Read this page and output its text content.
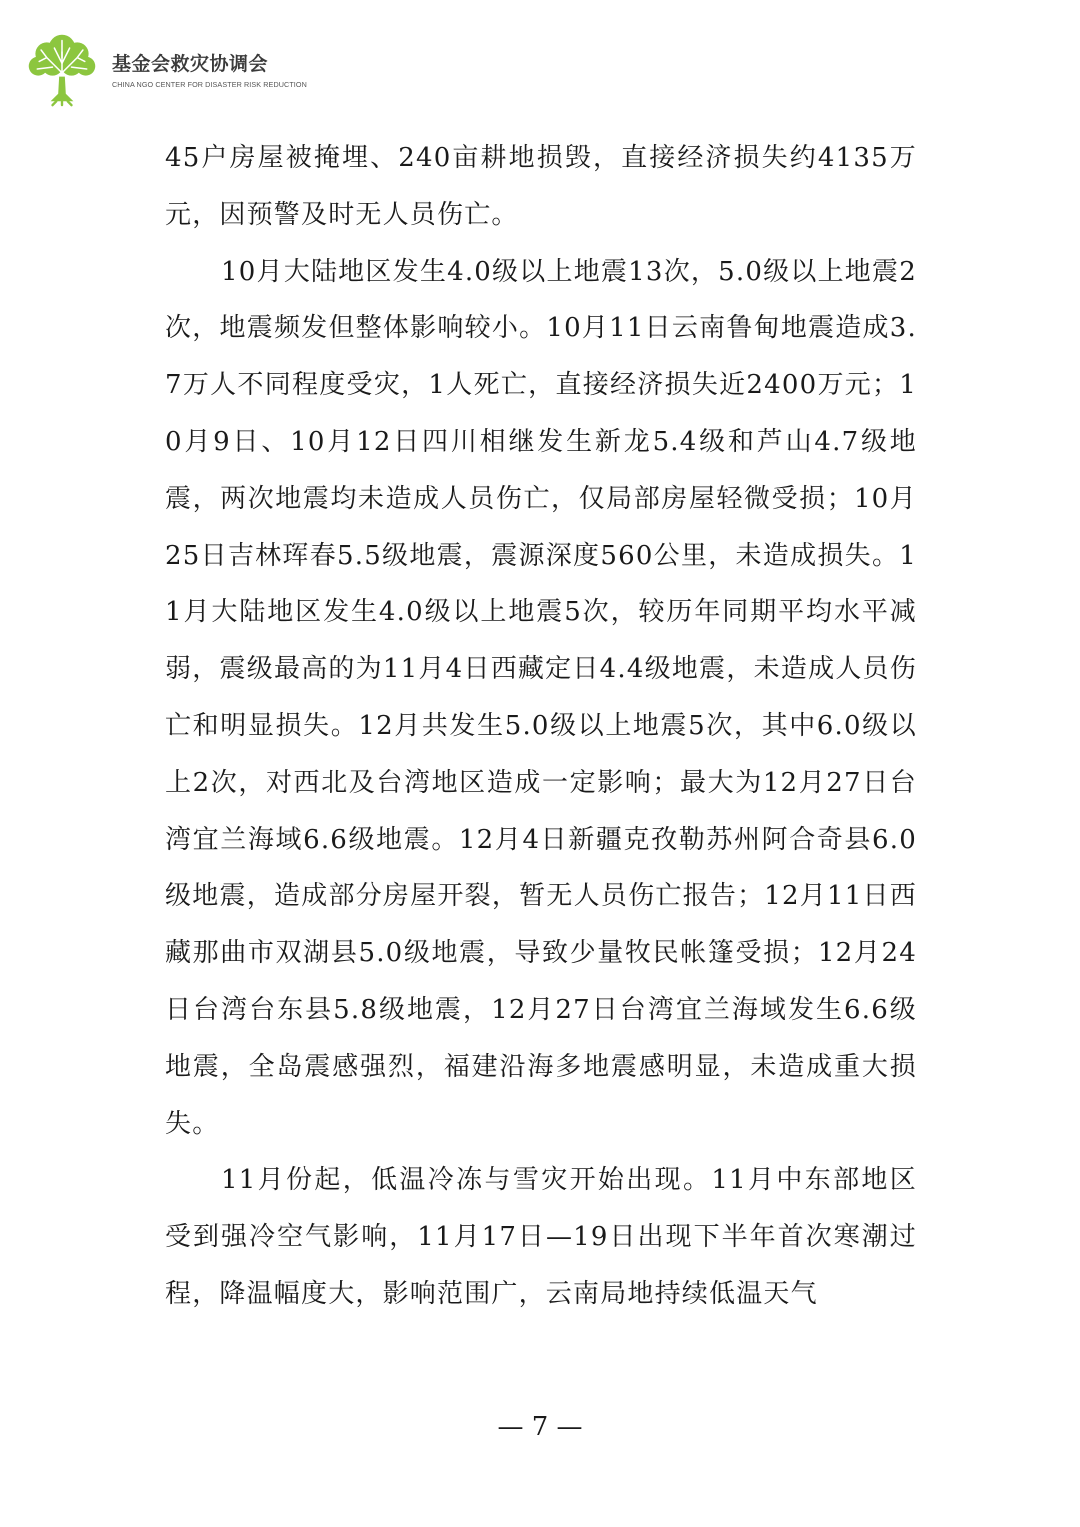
基金会救灾协调会
CHINA NGO CENTER FOR DISASTER RISK REDUCTION

45户房屋被掩埋、240亩耕地损毁，直接经济损失约4135万元，因预警及时无人员伤亡。

10月大陆地区发生4.0级以上地震13次，5.0级以上地震2次，地震频发但整体影响较小。10月11日云南鲁甸地震造成3.7万人不同程度受灾，1人死亡，直接经济损失近2400万元；10月9日、10月12日四川相继发生新龙5.4级和芦山4.7级地震，两次地震均未造成人员伤亡，仅局部房屋轻微受损；10月25日吉林珲春5.5级地震，震源深度560公里，未造成损失。11月大陆地区发生4.0级以上地震5次，较历年同期平均水平减弱，震级最高的为11月4日西藏定日4.4级地震，未造成人员伤亡和明显损失。12月共发生5.0级以上地震5次，其中6.0级以上2次，对西北及台湾地区造成一定影响；最大为12月27日台湾宜兰海域6.6级地震。12月4日新疆克孜勒苏州阿合奇县6.0级地震，造成部分房屋开裂，暂无人员伤亡报告；12月11日西藏那曲市双湖县5.0级地震，导致少量牧民帐篷受损；12月24日台湾台东县5.8级地震，12月27日台湾宜兰海域发生6.6级地震，全岛震感强烈，福建沿海多地震感明显，未造成重大损失。

11月份起，低温冷冻与雪灾开始出现。11月中东部地区受到强冷空气影响，11月17日—19日出现下半年首次寒潮过程，降温幅度大，影响范围广，云南局地持续低温天气

— 7 —
